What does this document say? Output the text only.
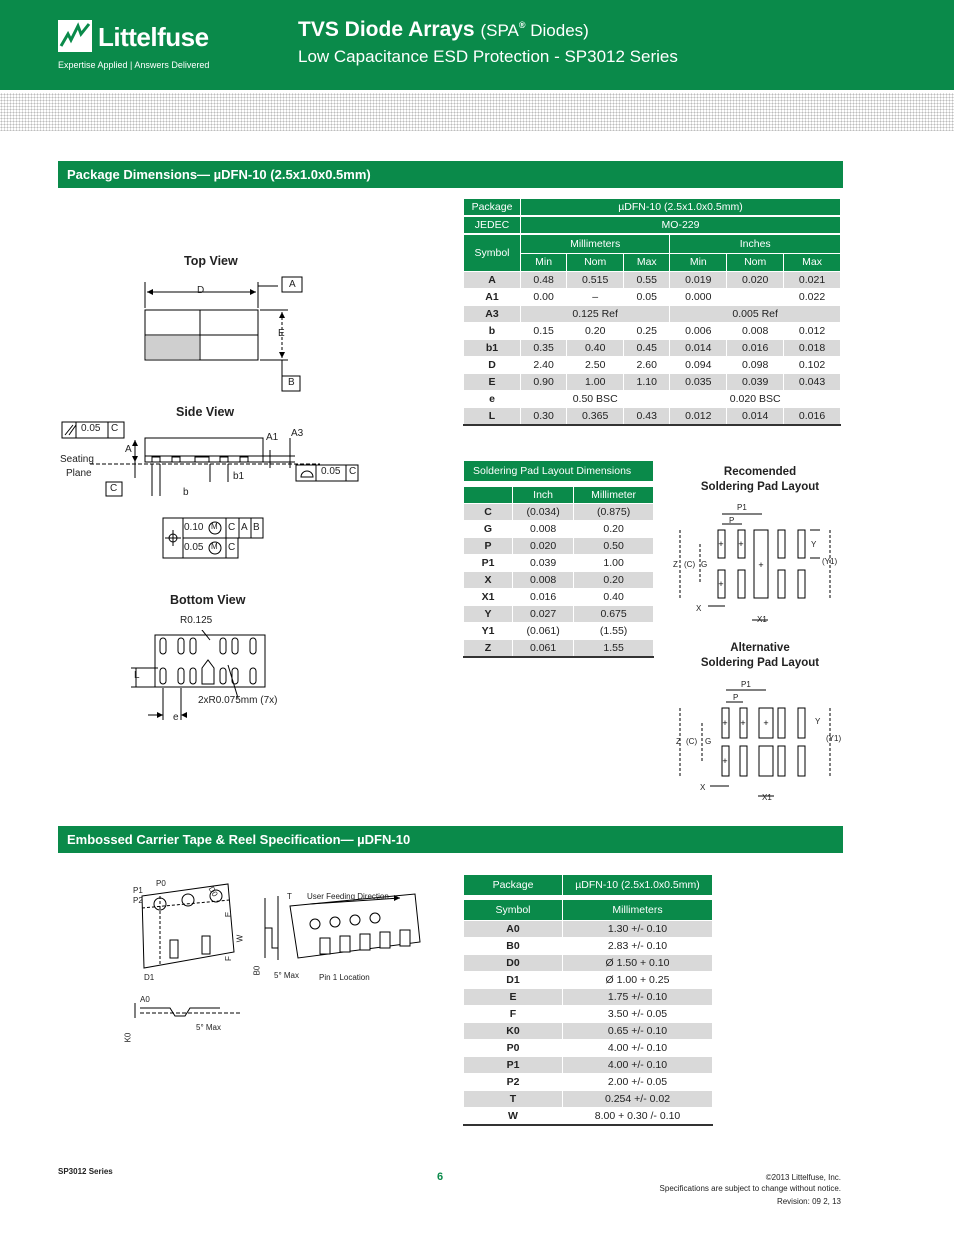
Littelfuse
Expertise Applied | Answers Delivered
TVS Diode Arrays (SPA® Diodes)
Low Capacitance ESD Protection - SP3012 Series
Package Dimensions— µDFN-10 (2.5x1.0x0.5mm)
Top View
D
A
E
B
Side View
0.05 C
A
A1 A3
Seating
Plane	0.05 C
C	b
b1
0.10 M C A B
0.05 M C
Bottom View
R0.125
L
e
2xR0.075mm (7x)
Package	µDFN-10 (2.5x1.0x0.5mm)					
JEDEC	MO-229					
Symbol	Millimeters			Inches		
	Min	Nom	Max	Min	Nom	Max
A	0.48	0.515	0.55	0.019	0.020	0.021
A1	0.00	–	0.05	0.000		0.022
A3	0.125 Ref			0.005 Ref		
b	0.15	0.20	0.25	0.006	0.008	0.012
b1	0.35	0.40	0.45	0.014	0.016	0.018
D	2.40	2.50	2.60	0.094	0.098	0.102
E	0.90	1.00	1.10	0.035	0.039	0.043
e	0.50 BSC			0.020 BSC		
L	0.30	0.365	0.43	0.012	0.014	0.016
Soldering Pad Layout Dimensions		

	Inch	Millimeter
C	(0.034)	(0.875)
G	0.008	0.20
P	0.020	0.50
P1	0.039	1.00
X	0.008	0.20
X1	0.016	0.40
Y	0.027	0.675
Y1	(0.061)	(1.55)
Z	0.061	1.55
Recomended
Soldering Pad Layout
+ +
+
+
P1
P
Z (C) G
X
X1
Y
(Y1)
Alternative
Soldering Pad Layout
+ + +
+
P1
P
Z (C) G
X
X1
Y
(Y1)
Embossed Carrier Tape & Reel Specification— µDFN-10
P0
P1
P2
D0
E
W
F
D1
T
B0
5° Max
User Feeding Direction
Pin 1 Location
A0
K0
5° Max
Package	µDFN-10 (2.5x1.0x0.5mm)

Symbol	Millimeters
A0	1.30 +/- 0.10
B0	2.83 +/- 0.10
D0	Ø 1.50 + 0.10
D1	Ø 1.00 + 0.25
E	1.75 +/- 0.10
F	3.50 +/- 0.05
K0	0.65 +/- 0.10
P0	4.00 +/- 0.10
P1	4.00 +/- 0.10
P2	2.00 +/- 0.05
T	0.254 +/- 0.02
W	8.00 + 0.30 /- 0.10
SP3012 Series	6	©2013 Littelfuse, Inc.
Specifications are subject to change without notice.
Revision: 09 2, 13
